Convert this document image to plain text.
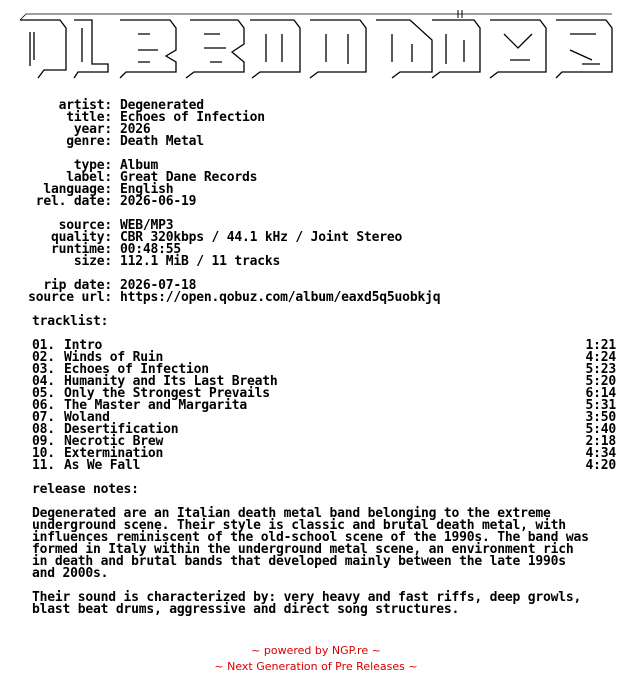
artist: Degenerated
title: Echoes of Infection
year: 2026
genre: Death Metal
type: Album
label: Great Dane Records
language: English
rel. date: 2026-06-19
source: WEB/MP3
quality: CBR 320kbps / 44.1 kHz / Joint Stereo
runtime: 00:48:55
size: 112.1 MiB / 11 tracks
rip date: 2026-07-18
source url: https://open.qobuz.com/album/eaxd5q5uobkjq
tracklist:
01. Intro	1:21
02. Winds of Ruin	4:24
03. Echoes of Infection	5:23
04. Humanity and Its Last Breath	5:20
05. Only the Strongest Prevails	6:14
06. The Master and Margarita	5:31
07. Woland	3:50
08. Desertification	5:40
09. Necrotic Brew	2:18
10. Extermination	4:34
11. As We Fall	4:20
release notes:
Degenerated are an Italian death metal band belonging to the extreme
underground scene. Their style is classic and brutal death metal, with
influences reminiscent of the old-school scene of the 1990s. The band was
formed in Italy within the underground metal scene, an environment rich
in death and brutal bands that developed mainly between the late 1990s
and 2000s.
Their sound is characterized by: very heavy and fast riffs, deep growls,
blast beat drums, aggressive and direct song structures.
~ powered by NGP.re ~
~ Next Generation of Pre Releases ~
